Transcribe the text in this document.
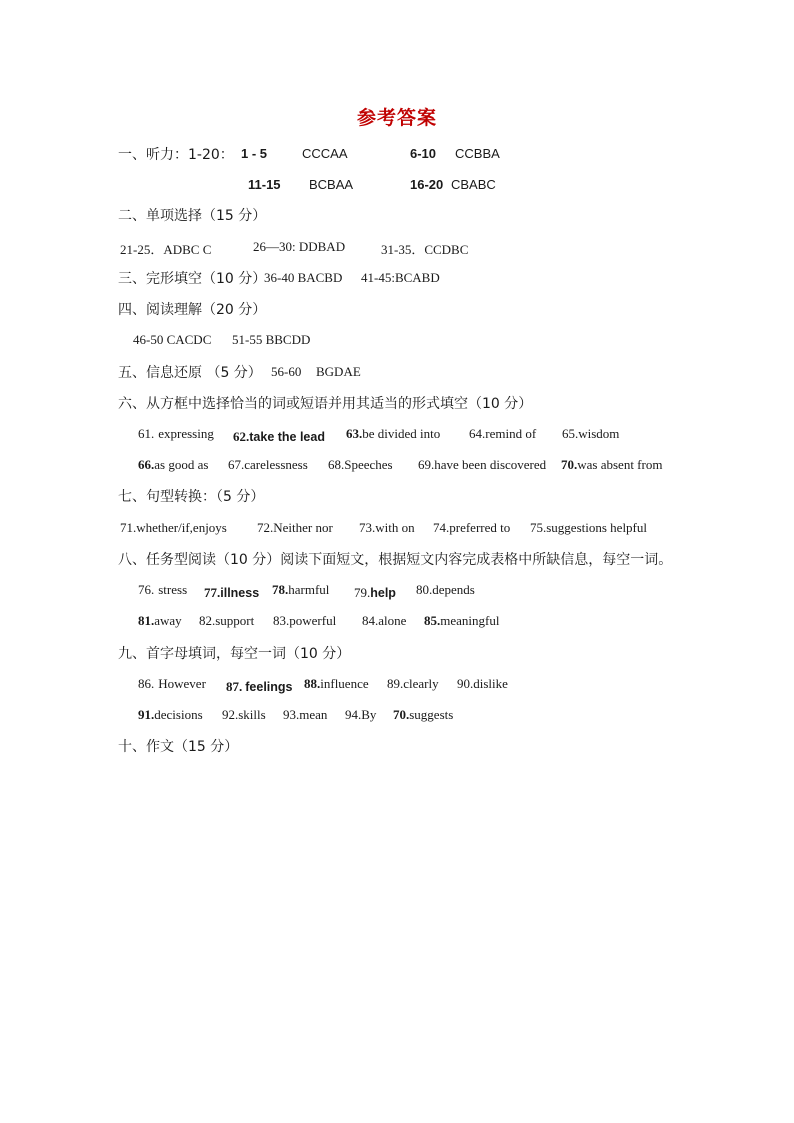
参考答案
一、听力：1-20： 1 - 5	CCCAA	6-10 CCBBA
11-15 BCBAA	16-20 CBABC
二、单项选择（15 分）
21-25．ADBC C	26—30: DDBAD	31-35．CCDBC
三、完形填空（10 分）
36-40 BACBD 41-45:BCABD
四、阅读理解（20 分）
46-50 CACDC 51-55 BBCDD
五、信息还原 （5 分） 56-60 BGDAE
六、从方框中选择恰当的词或短语并用其适当的形式填空（10 分）
61. expressing 62.take the lead 63.be divided into 64.remind of 65.wisdom
66.as good as 67.carelessness 68.Speeches 69.have been discovered 70.was absent from
七、句型转换：（5 分）
71.whether/if,enjoys 72.Neither nor 73.with on 74.preferred to 75.suggestions helpful
八、任务型阅读（10 分）阅读下面短文，根据短文内容完成表格中所缺信息，每空一词。
76. stress 77.illness 78.harmful 79.help 80.depends
81.away 82.support 83.powerful 84.alone 85.meaningful
九、首字母填词，每空一词（10 分）
86. However 87. feelings 88.influence 89.clearly 90.dislike
91.decisions 92.skills 93.mean 94.By 70.suggests
十、作文（15 分）
